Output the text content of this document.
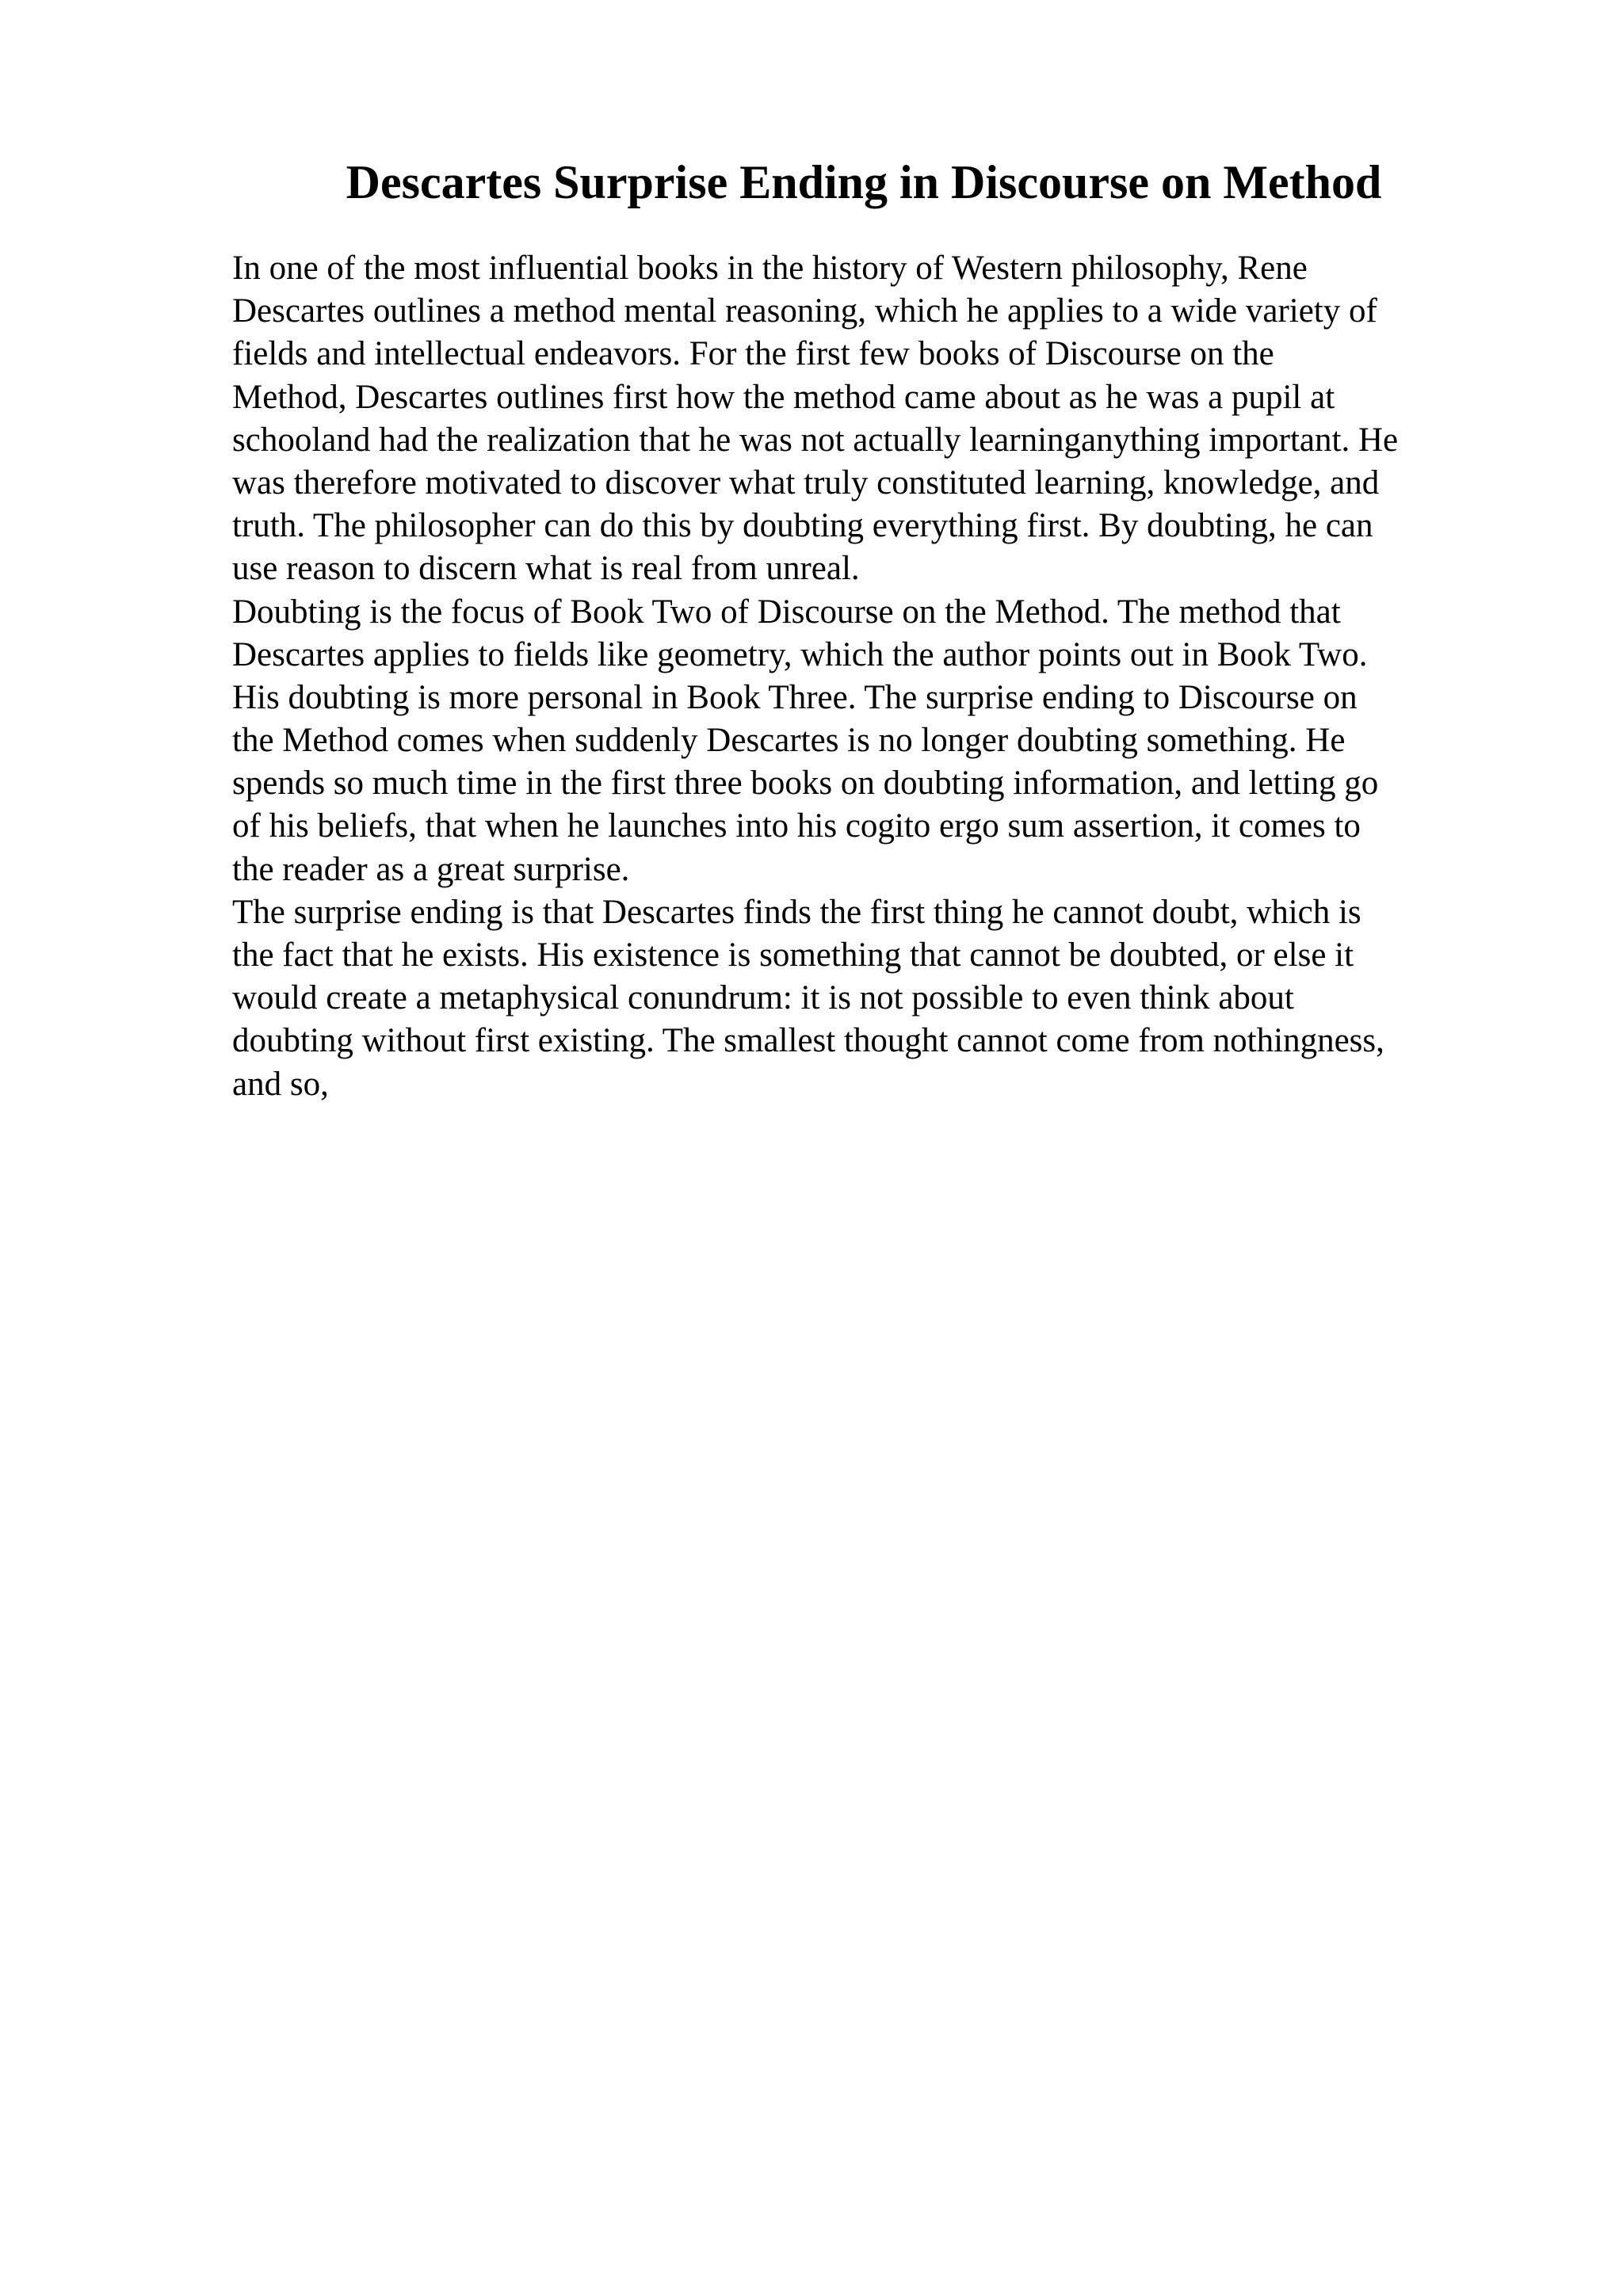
Descartes Surprise Ending in Discourse on Method
In one of the most influential books in the history of Western philosophy, Rene
Descartes outlines a method mental reasoning, which he applies to a wide variety of
fields and intellectual endeavors. For the first few books of Discourse on the
Method, Descartes outlines first how the method came about as he was a pupil at
schooland had the realization that he was not actually learninganything important. He
was therefore motivated to discover what truly constituted learning, knowledge, and
truth. The philosopher can do this by doubting everything first. By doubting, he can
use reason to discern what is real from unreal.
Doubting is the focus of Book Two of Discourse on the Method. The method that
Descartes applies to fields like geometry, which the author points out in Book Two.
His doubting is more personal in Book Three. The surprise ending to Discourse on
the Method comes when suddenly Descartes is no longer doubting something. He
spends so much time in the first three books on doubting information, and letting go
of his beliefs, that when he launches into his cogito ergo sum assertion, it comes to
the reader as a great surprise.
The surprise ending is that Descartes finds the first thing he cannot doubt, which is
the fact that he exists. His existence is something that cannot be doubted, or else it
would create a metaphysical conundrum: it is not possible to even think about
doubting without first existing. The smallest thought cannot come from nothingness,
and so,
